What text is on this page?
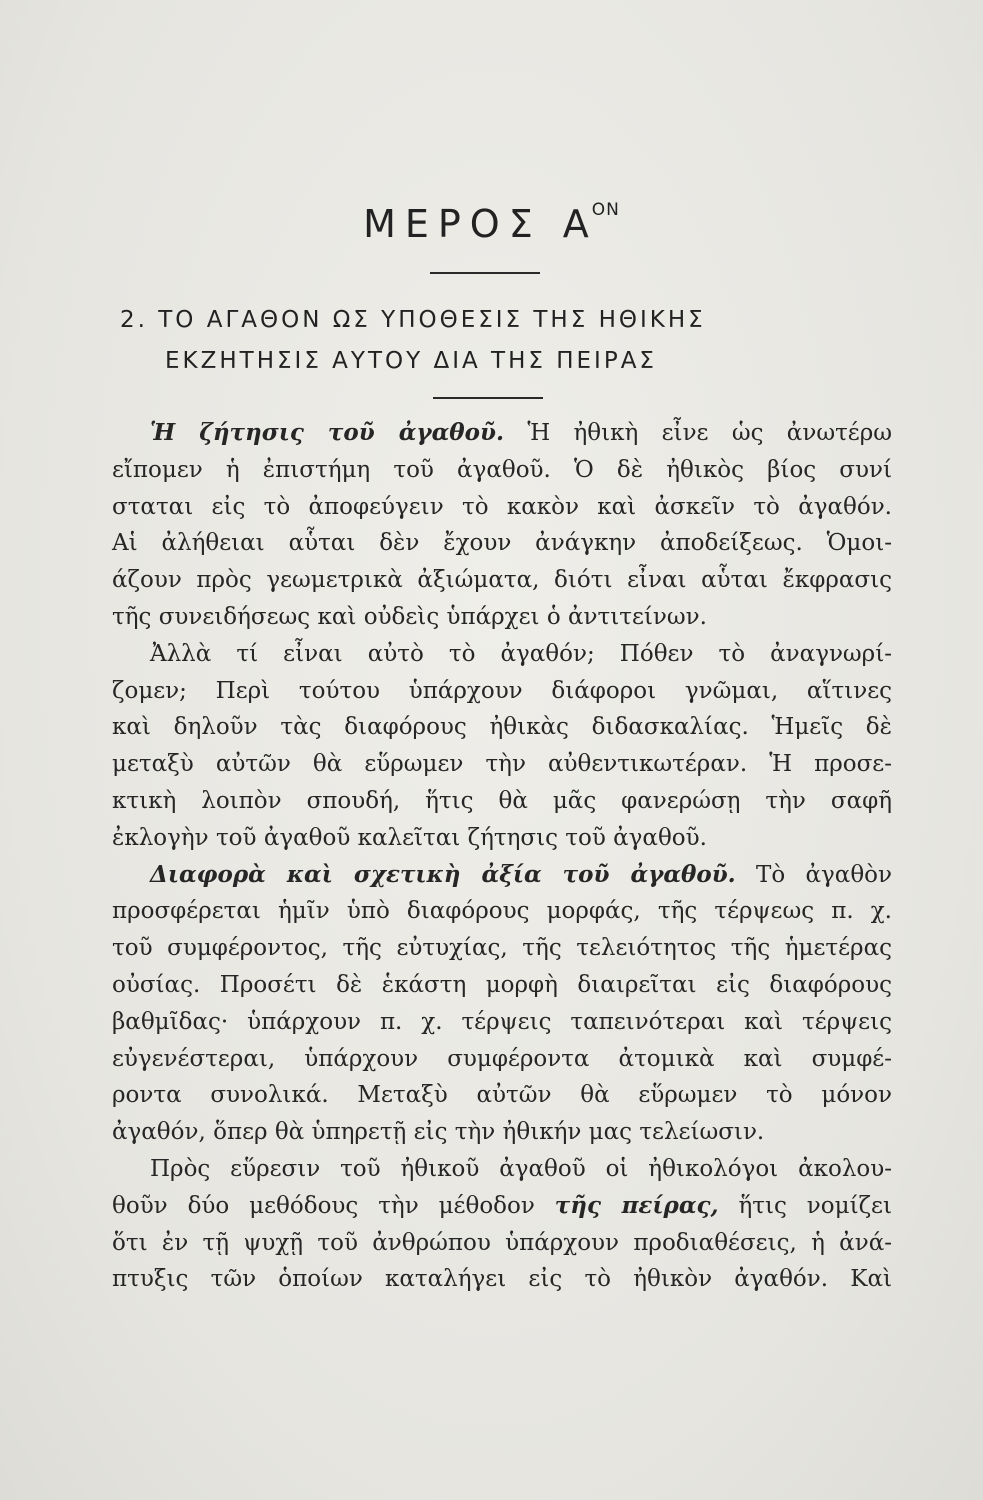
ΜΕΡΟΣ $A^{ON}$
2. ΤΟ ΑΓΑΘΟΝ ΩΣ ΥΠΟΘΕΣΙΣ ΤΗΣ ΗΘΙΚΗΣ
ΕΚΖΗΤΗΣΙΣ ΑΥΤΟΥ ΔΙΑ ΤΗΣ ΠΕΙΡΑΣ
Ἡ ζήτησις τοῦ ἀγαθοῦ. Ἡ ἠθικὴ εἶνε ὡς ἀνωτέρω
εἴπομεν ἡ ἐπιστήμη τοῦ ἀγαθοῦ. Ὁ δὲ ἠθικὸς βίος συνί
σταται εἰς τὸ ἀποφεύγειν τὸ κακὸν καὶ ἀσκεῖν τὸ ἀγαθόν.
Αἱ ἀλήθειαι αὗται δὲν ἔχουν ἀνάγκην ἀποδείξεως. Ὁμοι-
άζουν πρὸς γεωμετρικὰ ἀξιώματα, διότι εἶναι αὗται ἔκφρασις
τῆς συνειδήσεως καὶ οὐδεὶς ὑπάρχει ὁ ἀντιτείνων.
Ἀλλὰ τί εἶναι αὐτὸ τὸ ἀγαθόν; Πόθεν τὸ ἀναγνωρί-
ζομεν; Περὶ τούτου ὑπάρχουν διάφοροι γνῶμαι, αἵτινες
καὶ δηλοῦν τὰς διαφόρους ἠθικὰς διδασκαλίας. Ἡμεῖς δὲ
μεταξὺ αὐτῶν θὰ εὕρωμεν τὴν αὐθεντικωτέραν. Ἡ προσε-
κτικὴ λοιπὸν σπουδή, ἥτις θὰ μᾶς φανερώσῃ τὴν σαφῆ
ἐκλογὴν τοῦ ἀγαθοῦ καλεῖται ζήτησις τοῦ ἀγαθοῦ.
Διαφορὰ καὶ σχετικὴ ἀξία τοῦ ἀγαθοῦ. Τὸ ἀγαθὸν
προσφέρεται ἡμῖν ὑπὸ διαφόρους μορφάς, τῆς τέρψεως π. χ.
τοῦ συμφέροντος, τῆς εὐτυχίας, τῆς τελειότητος τῆς ἡμετέρας
οὐσίας. Προσέτι δὲ ἑκάστη μορφὴ διαιρεῖται εἰς διαφόρους
βαθμῖδας· ὑπάρχουν π. χ. τέρψεις ταπεινότεραι καὶ τέρψεις
εὐγενέστεραι, ὑπάρχουν συμφέροντα ἀτομικὰ καὶ συμφέ-
ροντα συνολικά. Μεταξὺ αὐτῶν θὰ εὕρωμεν τὸ μόνον
ἀγαθόν, ὅπερ θὰ ὑπηρετῇ εἰς τὴν ἠθικήν μας τελείωσιν.
Πρὸς εὕρεσιν τοῦ ἠθικοῦ ἀγαθοῦ οἱ ἠθικολόγοι ἀκολου-
θοῦν δύο μεθόδους τὴν μέθοδον τῆς πείρας, ἥτις νομίζει
ὅτι ἐν τῇ ψυχῇ τοῦ ἀνθρώπου ὑπάρχουν προδιαθέσεις, ἡ ἀνά-
πτυξις τῶν ὁποίων καταλήγει εἰς τὸ ἠθικὸν ἀγαθόν. Καὶ
